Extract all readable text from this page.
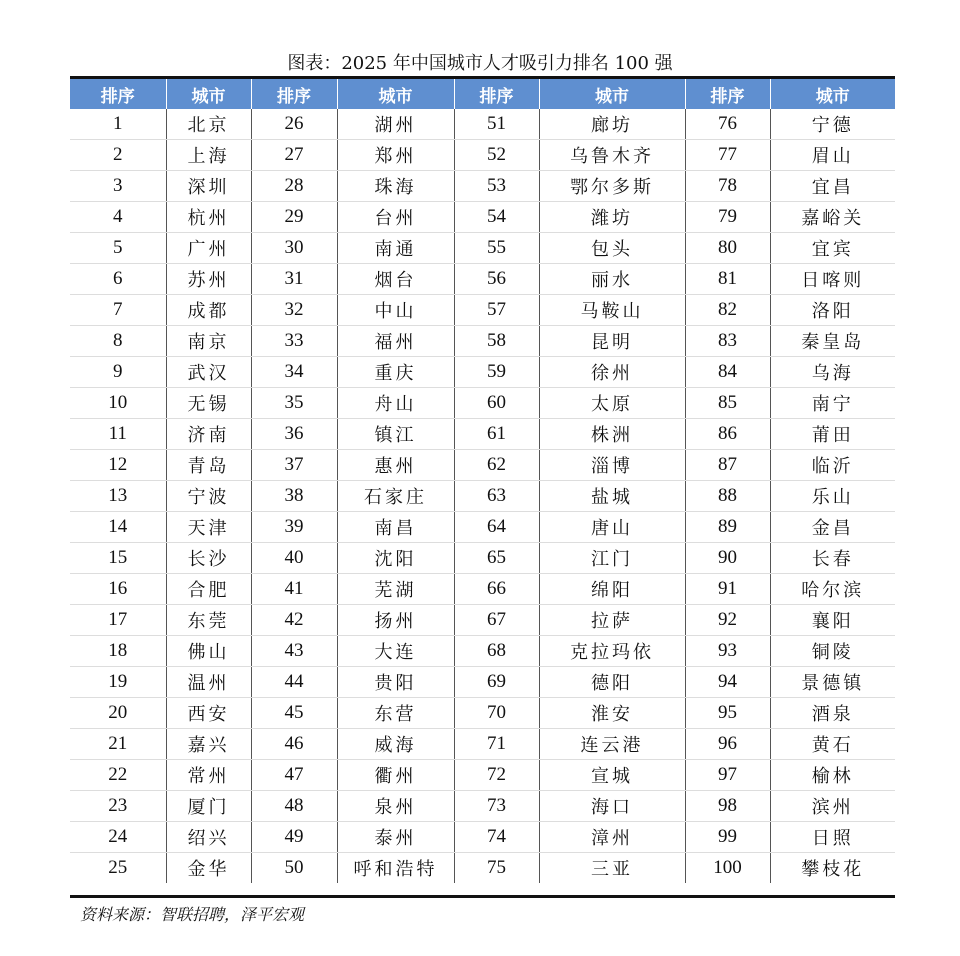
图表：2025 年中国城市人才吸引力排名 100 强
排序	城市	排序	城市	排序	城市	排序	城市
1	北京	26	湖州	51	廊坊	76	宁德
2	上海	27	郑州	52	乌鲁木齐	77	眉山
3	深圳	28	珠海	53	鄂尔多斯	78	宜昌
4	杭州	29	台州	54	潍坊	79	嘉峪关
5	广州	30	南通	55	包头	80	宜宾
6	苏州	31	烟台	56	丽水	81	日喀则
7	成都	32	中山	57	马鞍山	82	洛阳
8	南京	33	福州	58	昆明	83	秦皇岛
9	武汉	34	重庆	59	徐州	84	乌海
10	无锡	35	舟山	60	太原	85	南宁
11	济南	36	镇江	61	株洲	86	莆田
12	青岛	37	惠州	62	淄博	87	临沂
13	宁波	38	石家庄	63	盐城	88	乐山
14	天津	39	南昌	64	唐山	89	金昌
15	长沙	40	沈阳	65	江门	90	长春
16	合肥	41	芜湖	66	绵阳	91	哈尔滨
17	东莞	42	扬州	67	拉萨	92	襄阳
18	佛山	43	大连	68	克拉玛依	93	铜陵
19	温州	44	贵阳	69	德阳	94	景德镇
20	西安	45	东营	70	淮安	95	酒泉
21	嘉兴	46	威海	71	连云港	96	黄石
22	常州	47	衢州	72	宣城	97	榆林
23	厦门	48	泉州	73	海口	98	滨州
24	绍兴	49	泰州	74	漳州	99	日照
25	金华	50	呼和浩特	75	三亚	100	攀枝花
资料来源：智联招聘，泽平宏观
